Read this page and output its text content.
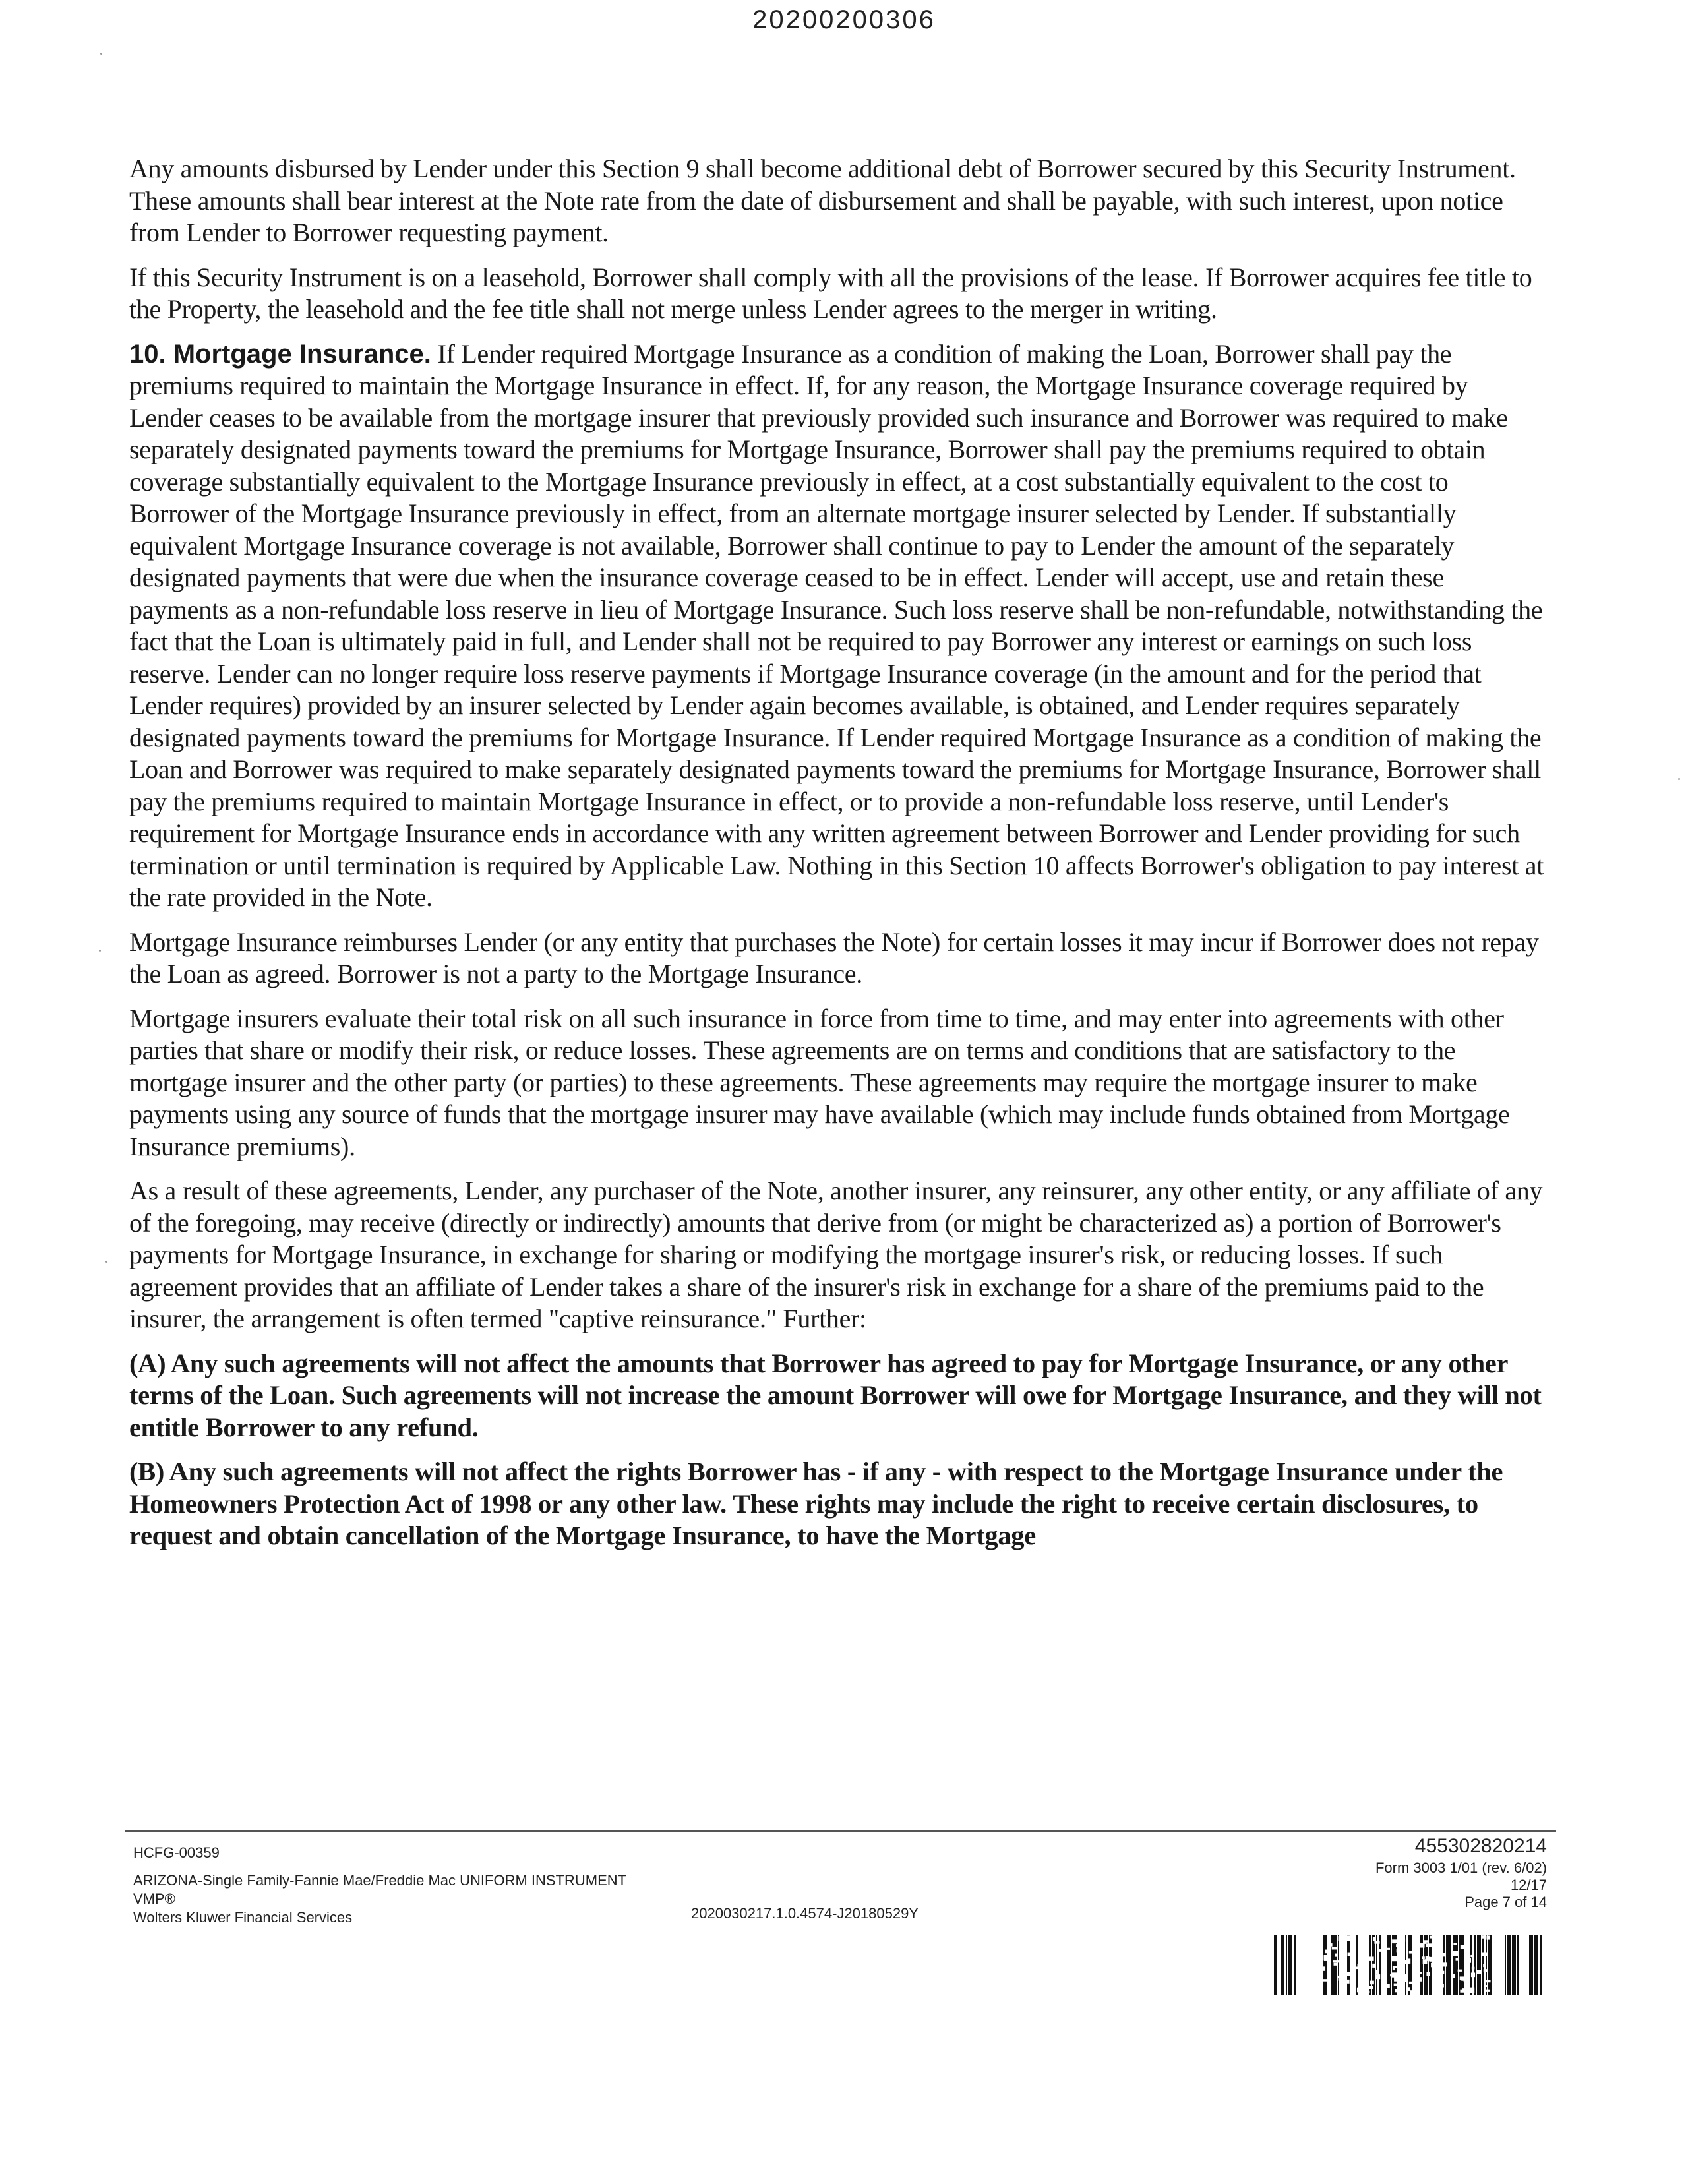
20200200306

Any amounts disbursed by Lender under this Section 9 shall become additional debt of Borrower secured by this Security Instrument. These amounts shall bear interest at the Note rate from the date of disbursement and shall be payable, with such interest, upon notice from Lender to Borrower requesting payment.

If this Security Instrument is on a leasehold, Borrower shall comply with all the provisions of the lease. If Borrower acquires fee title to the Property, the leasehold and the fee title shall not merge unless Lender agrees to the merger in writing.

10. Mortgage Insurance. If Lender required Mortgage Insurance as a condition of making the Loan, Borrower shall pay the premiums required to maintain the Mortgage Insurance in effect. If, for any reason, the Mortgage Insurance coverage required by Lender ceases to be available from the mortgage insurer that previously provided such insurance and Borrower was required to make separately designated payments toward the premiums for Mortgage Insurance, Borrower shall pay the premiums required to obtain coverage substantially equivalent to the Mortgage Insurance previously in effect, at a cost substantially equivalent to the cost to Borrower of the Mortgage Insurance previously in effect, from an alternate mortgage insurer selected by Lender. If substantially equivalent Mortgage Insurance coverage is not available, Borrower shall continue to pay to Lender the amount of the separately designated payments that were due when the insurance coverage ceased to be in effect. Lender will accept, use and retain these payments as a non-refundable loss reserve in lieu of Mortgage Insurance. Such loss reserve shall be non-refundable, notwithstanding the fact that the Loan is ultimately paid in full, and Lender shall not be required to pay Borrower any interest or earnings on such loss reserve. Lender can no longer require loss reserve payments if Mortgage Insurance coverage (in the amount and for the period that Lender requires) provided by an insurer selected by Lender again becomes available, is obtained, and Lender requires separately designated payments toward the premiums for Mortgage Insurance. If Lender required Mortgage Insurance as a condition of making the Loan and Borrower was required to make separately designated payments toward the premiums for Mortgage Insurance, Borrower shall pay the premiums required to maintain Mortgage Insurance in effect, or to provide a non-refundable loss reserve, until Lender's requirement for Mortgage Insurance ends in accordance with any written agreement between Borrower and Lender providing for such termination or until termination is required by Applicable Law. Nothing in this Section 10 affects Borrower's obligation to pay interest at the rate provided in the Note.

Mortgage Insurance reimburses Lender (or any entity that purchases the Note) for certain losses it may incur if Borrower does not repay the Loan as agreed. Borrower is not a party to the Mortgage Insurance.

Mortgage insurers evaluate their total risk on all such insurance in force from time to time, and may enter into agreements with other parties that share or modify their risk, or reduce losses. These agreements are on terms and conditions that are satisfactory to the mortgage insurer and the other party (or parties) to these agreements. These agreements may require the mortgage insurer to make payments using any source of funds that the mortgage insurer may have available (which may include funds obtained from Mortgage Insurance premiums).

As a result of these agreements, Lender, any purchaser of the Note, another insurer, any reinsurer, any other entity, or any affiliate of any of the foregoing, may receive (directly or indirectly) amounts that derive from (or might be characterized as) a portion of Borrower's payments for Mortgage Insurance, in exchange for sharing or modifying the mortgage insurer's risk, or reducing losses. If such agreement provides that an affiliate of Lender takes a share of the insurer's risk in exchange for a share of the premiums paid to the insurer, the arrangement is often termed "captive reinsurance." Further:

(A) Any such agreements will not affect the amounts that Borrower has agreed to pay for Mortgage Insurance, or any other terms of the Loan. Such agreements will not increase the amount Borrower will owe for Mortgage Insurance, and they will not entitle Borrower to any refund.

(B) Any such agreements will not affect the rights Borrower has - if any - with respect to the Mortgage Insurance under the Homeowners Protection Act of 1998 or any other law. These rights may include the right to receive certain disclosures, to request and obtain cancellation of the Mortgage Insurance, to have the Mortgage

HCFG-00359
ARIZONA-Single Family-Fannie Mae/Freddie Mac UNIFORM INSTRUMENT
VMP®
Wolters Kluwer Financial Services	2020030217.1.0.4574-J20180529Y
455302820214
Form 3003 1/01 (rev. 6/02)
12/17
Page 7 of 14
